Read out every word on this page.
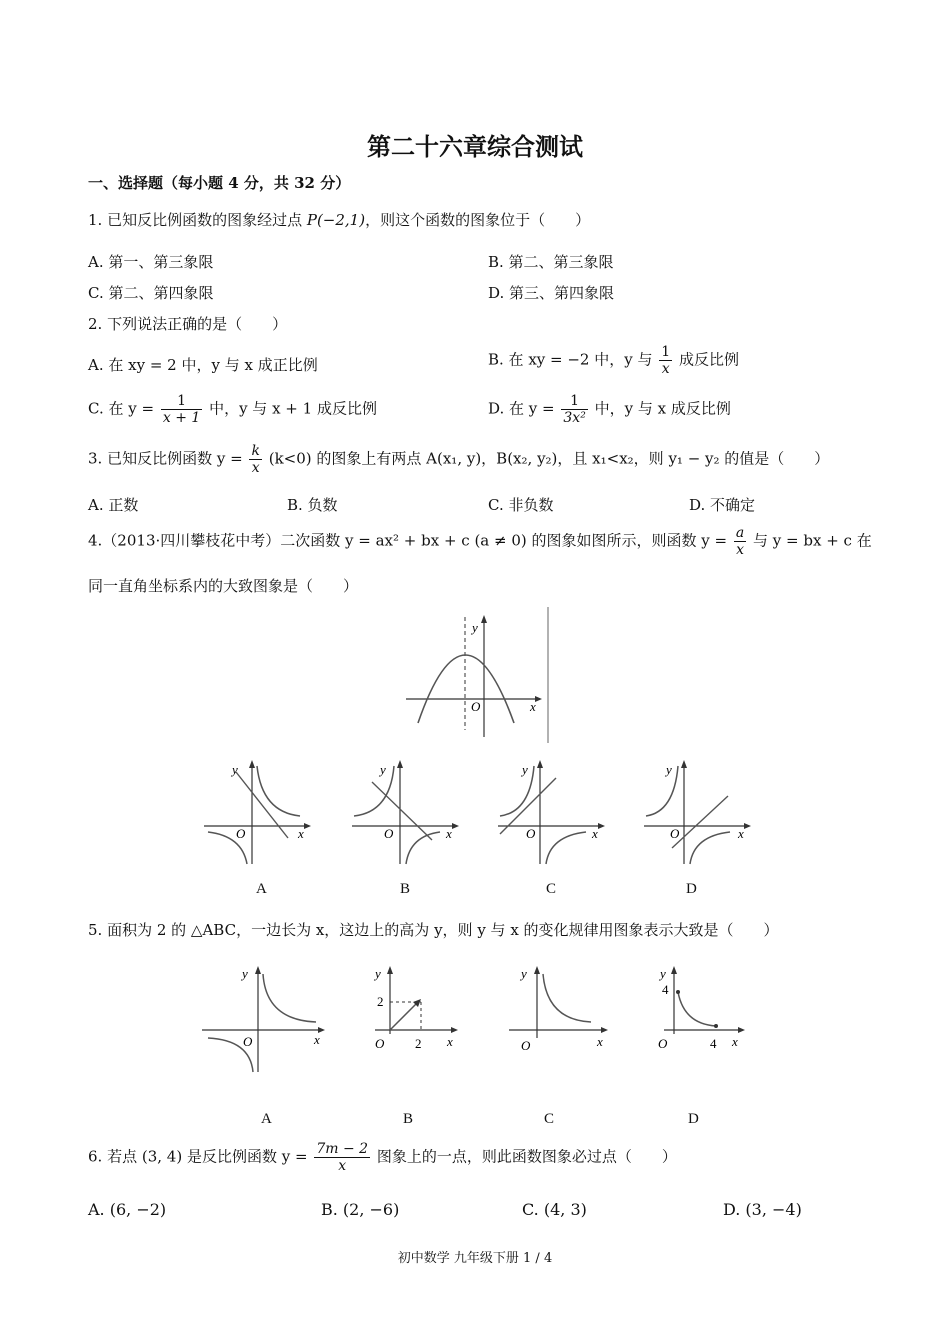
第二十六章综合测试
一、选择题（每小题 4 分，共 32 分）
1. 已知反比例函数的图象经过点 P(−2,1)，则这个函数的图象位于（　　）
A. 第一、第三象限	B. 第二、第三象限
C. 第二、第四象限	D. 第三、第四象限
2. 下列说法正确的是（　　）
A. 在 xy = 2 中，y 与 x 成正比例	B. 在 xy = −2 中，y 与 $\frac{1}{x}$ 成反比例
C. 在 $y = \frac{1}{x + 1}$ 中，y 与 x + 1 成反比例	D. 在 $y = \frac{1}{\text{3x²}}$ 中，y 与 x 成反比例
3. 已知反比例函数 $y = \frac{k}{x} (k<0)$ 的图象上有两点 A(x₁, y)，B(x₂, y₂)，且 x₁<x₂，则 y₁ − y₂ 的值是（　　）
A. 正数	B. 负数	C. 非负数	D. 不确定
4.（2013·四川攀枝花中考）二次函数 y = ax² + bx + c (a ≠ 0) 的图象如图所示，则函数 $y = \frac{a}{x}$ 与 y = bx + c 在
同一直角坐标系内的大致图象是（　　）
y
x
O
y
x
O
y
x
O
y
x
O
y
x
O
A	B	C	D
5. 面积为 2 的 △ABC，一边长为 x，这边上的高为 y，则 y 与 x 的变化规律用图象表示大致是（　　）
y
x
O
2
2
y
x
O
y
x
O
4
4
y
x
O
A	B	C	D
6. 若点 (3, 4) 是反比例函数 $y = \frac{7m - 2}{x}$ 图象上的一点，则此函数图象必过点（　　）
A. (6, −2)	B. (2, −6)	C. (4, 3)	D. (3, −4)
初中数学 九年级下册 1 / 4
